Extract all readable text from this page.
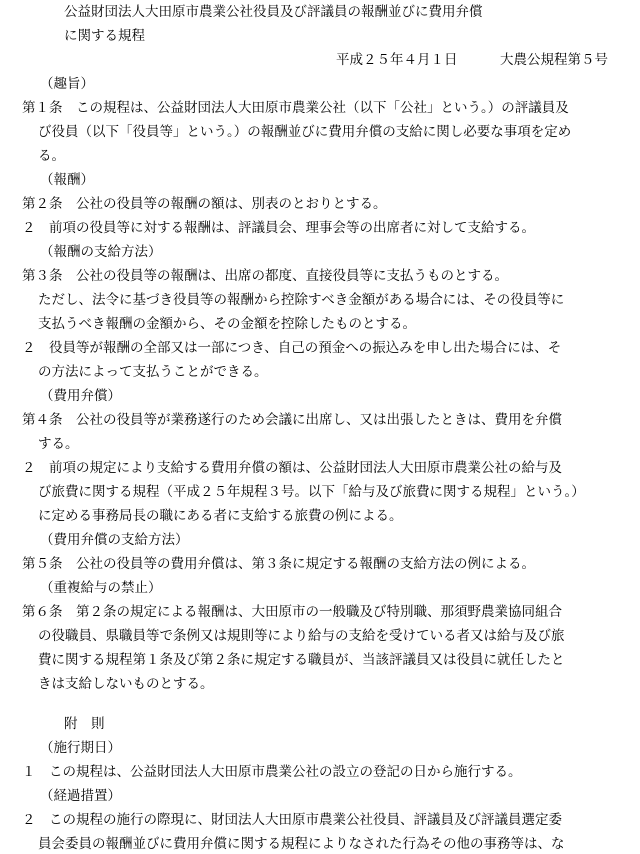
公益財団法人大田原市農業公社役員及び評議員の報酬並びに費用弁償
に関する規程
平成２５年４月１日	大農公規程第５号
（趣旨）
第１条　この規程は、公益財団法人大田原市農業公社（以下「公社」という。）の評議員及
び役員（以下「役員等」という。）の報酬並びに費用弁償の支給に関し必要な事項を定め
る。
（報酬）
第２条　公社の役員等の報酬の額は、別表のとおりとする。
２　前項の役員等に対する報酬は、評議員会、理事会等の出席者に対して支給する。
（報酬の支給方法）
第３条　公社の役員等の報酬は、出席の都度、直接役員等に支払うものとする。
ただし、法令に基づき役員等の報酬から控除すべき金額がある場合には、その役員等に
支払うべき報酬の金額から、その金額を控除したものとする。
２　役員等が報酬の全部又は一部につき、自己の預金への振込みを申し出た場合には、そ
の方法によって支払うことができる。
（費用弁償）
第４条　公社の役員等が業務遂行のため会議に出席し、又は出張したときは、費用を弁償
する。
２　前項の規定により支給する費用弁償の額は、公益財団法人大田原市農業公社の給与及
び旅費に関する規程（平成２５年規程３号。以下「給与及び旅費に関する規程」という。）
に定める事務局長の職にある者に支給する旅費の例による。
（費用弁償の支給方法）
第５条　公社の役員等の費用弁償は、第３条に規定する報酬の支給方法の例による。
（重複給与の禁止）
第６条　第２条の規定による報酬は、大田原市の一般職及び特別職、那須野農業協同組合
の役職員、県職員等で条例又は規則等により給与の支給を受けている者又は給与及び旅
費に関する規程第１条及び第２条に規定する職員が、当該評議員又は役員に就任したと
きは支給しないものとする。
附　則
（施行期日）
１　この規程は、公益財団法人大田原市農業公社の設立の登記の日から施行する。
（経過措置）
２　この規程の施行の際現に、財団法人大田原市農業公社役員、評議員及び評議員選定委
員会委員の報酬並びに費用弁償に関する規程によりなされた行為その他の事務等は、な
